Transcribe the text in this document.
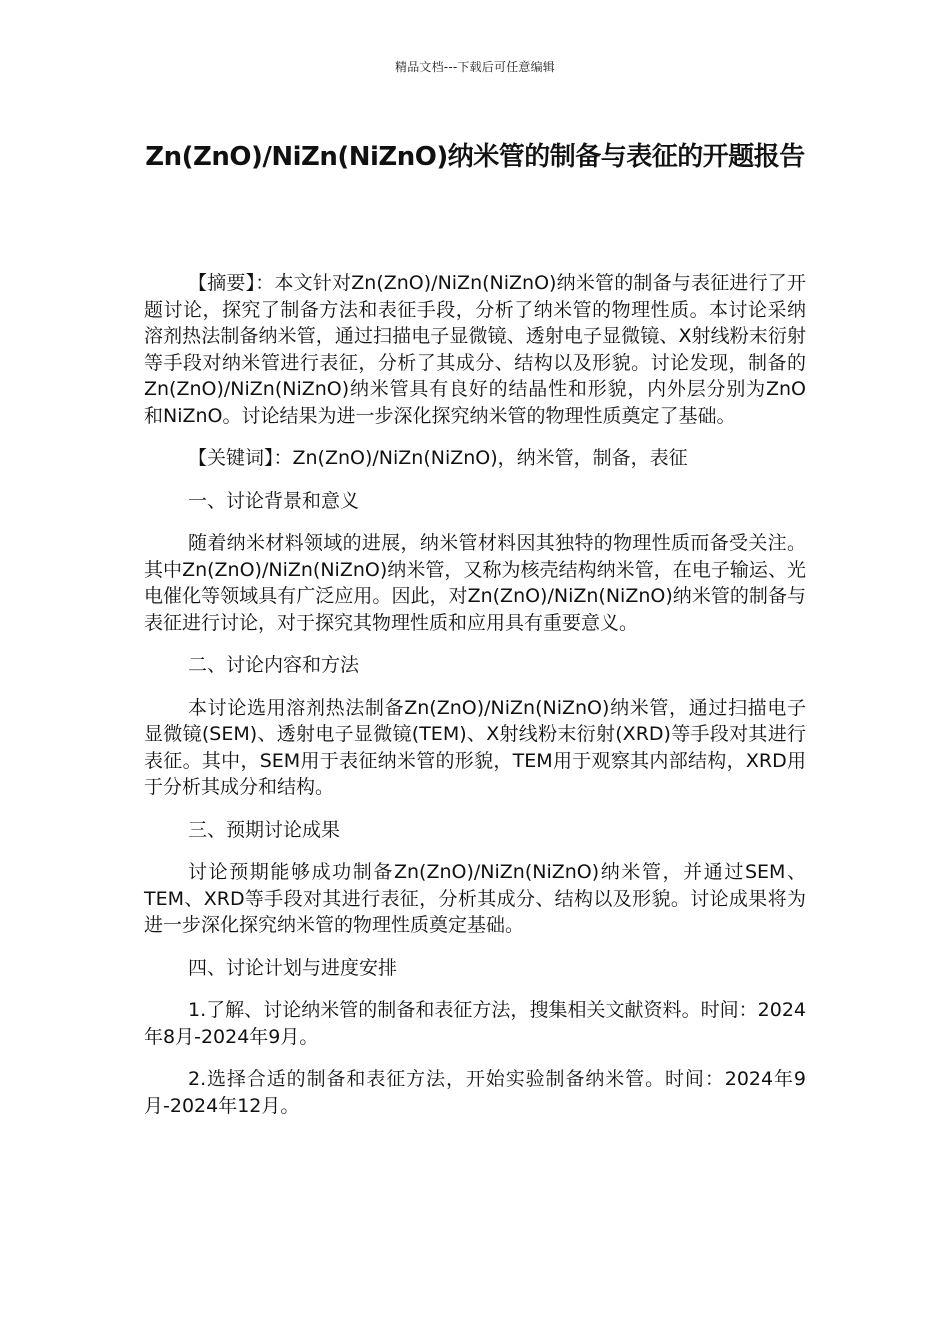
精品文档---下载后可任意编辑
Zn(ZnO)/NiZn(NiZnO)纳米管的制备与表征的开题报告

【摘要】：本文针对Zn(ZnO)/NiZn(NiZnO)纳米管的制备与表征进行了开题讨论，探究了制备方法和表征手段，分析了纳米管的物理性质。本讨论采纳溶剂热法制备纳米管，通过扫描电子显微镜、透射电子显微镜、X射线粉末衍射等手段对纳米管进行表征，分析了其成分、结构以及形貌。讨论发现，制备的Zn(ZnO)/NiZn(NiZnO)纳米管具有良好的结晶性和形貌，内外层分别为ZnO和NiZnO。讨论结果为进一步深化探究纳米管的物理性质奠定了基础。

【关键词】：Zn(ZnO)/NiZn(NiZnO)，纳米管，制备，表征

一、讨论背景和意义

随着纳米材料领域的进展，纳米管材料因其独特的物理性质而备受关注。其中Zn(ZnO)/NiZn(NiZnO)纳米管，又称为核壳结构纳米管，在电子输运、光电催化等领域具有广泛应用。因此，对Zn(ZnO)/NiZn(NiZnO)纳米管的制备与表征进行讨论，对于探究其物理性质和应用具有重要意义。

二、讨论内容和方法

本讨论选用溶剂热法制备Zn(ZnO)/NiZn(NiZnO)纳米管，通过扫描电子显微镜(SEM)、透射电子显微镜(TEM)、X射线粉末衍射(XRD)等手段对其进行表征。其中，SEM用于表征纳米管的形貌，TEM用于观察其内部结构，XRD用于分析其成分和结构。

三、预期讨论成果

讨论预期能够成功制备Zn(ZnO)/NiZn(NiZnO)纳米管，并通过SEM、TEM、XRD等手段对其进行表征，分析其成分、结构以及形貌。讨论成果将为进一步深化探究纳米管的物理性质奠定基础。

四、讨论计划与进度安排

1.了解、讨论纳米管的制备和表征方法，搜集相关文献资料。时间：2024年8月-2024年9月。

2.选择合适的制备和表征方法，开始实验制备纳米管。时间：2024年9月-2024年12月。
